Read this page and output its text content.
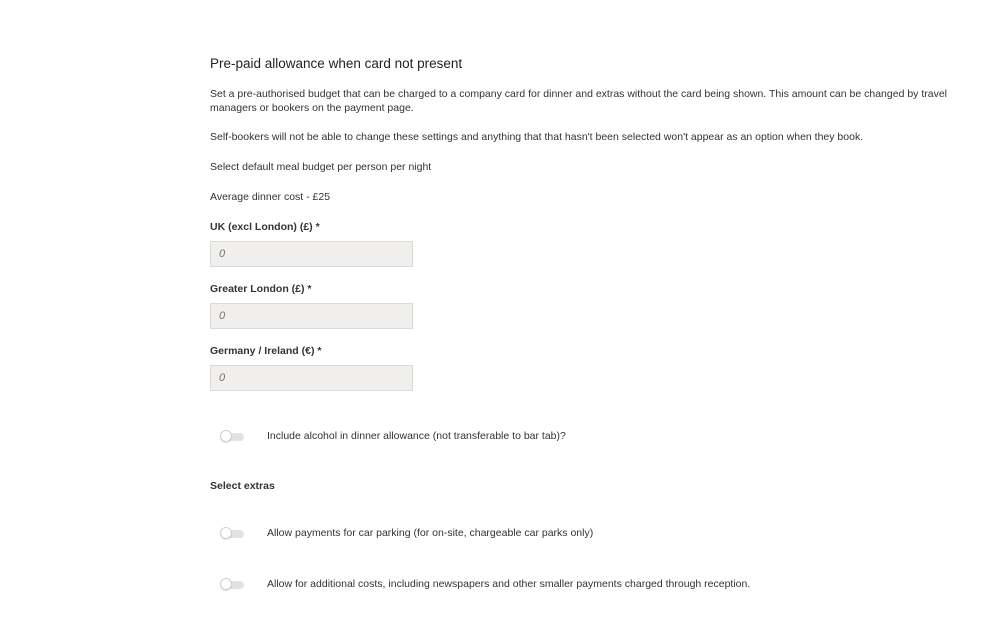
Pre-paid allowance when card not present

Set a pre-authorised budget that can be charged to a company card for dinner and extras without the card being shown. This amount can be changed by travel managers or bookers on the payment page.

Self-bookers will not be able to change these settings and anything that that hasn't been selected won't appear as an option when they book.

Select default meal budget per person per night

Average dinner cost - £25

UK (excl London) (£) *

0

Greater London (£) *

0

Germany / Ireland (€) *

0
Include alcohol in dinner allowance (not transferable to bar tab)?

Select extras

Allow payments for car parking (for on-site, chargeable car parks only)
Allow for additional costs, including newspapers and other smaller payments charged through reception.
